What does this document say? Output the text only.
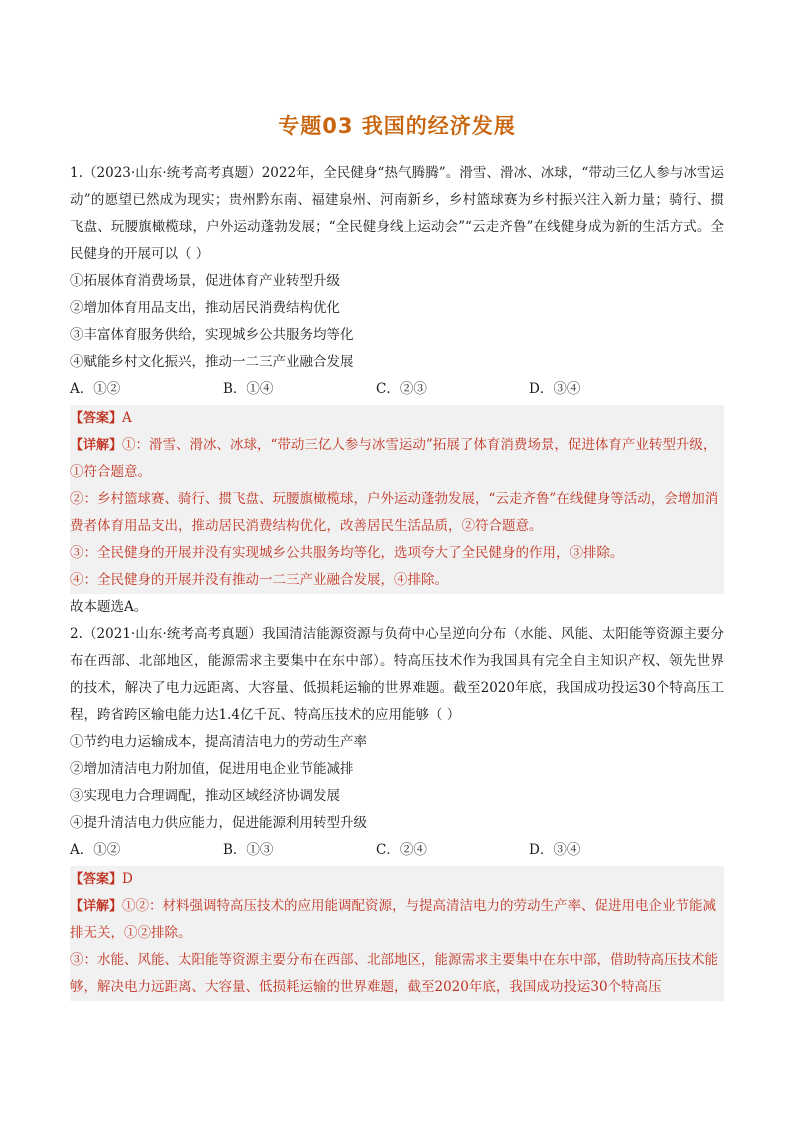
专题03 我国的经济发展

1.（2023·山东·统考高考真题）2022年，全民健身“热气腾腾”。滑雪、滑冰、冰球，“带动三亿人参与冰雪运动”的愿望已然成为现实；贵州黔东南、福建泉州、河南新乡，乡村篮球赛为乡村振兴注入新力量；骑行、掼飞盘、玩腰旗橄榄球，户外运动蓬勃发展；“全民健身线上运动会”“云走齐鲁”在线健身成为新的生活方式。全民健身的开展可以（ ）

①拓展体育消费场景，促进体育产业转型升级

②增加体育用品支出，推动居民消费结构优化

③丰富体育服务供给，实现城乡公共服务均等化

④赋能乡村文化振兴，推动一二三产业融合发展

A．①②	B．①④	C．②③	D．③④

【答案】A

【详解】①：滑雪、滑冰、冰球，“带动三亿人参与冰雪运动”拓展了体育消费场景，促进体育产业转型升级，①符合题意。

②：乡村篮球赛、骑行、掼飞盘、玩腰旗橄榄球，户外运动蓬勃发展，“云走齐鲁”在线健身等活动，会增加消费者体育用品支出，推动居民消费结构优化，改善居民生活品质，②符合题意。

③：全民健身的开展并没有实现城乡公共服务均等化，选项夸大了全民健身的作用，③排除。

④：全民健身的开展并没有推动一二三产业融合发展，④排除。

故本题选A。

2.（2021·山东·统考高考真题）我国清洁能源资源与负荷中心呈逆向分布（水能、风能、太阳能等资源主要分布在西部、北部地区，能源需求主要集中在东中部）。特高压技术作为我国具有完全自主知识产权、领先世界的技术，解决了电力远距离、大容量、低损耗运输的世界难题。截至2020年底，我国成功投运30个特高压工程，跨省跨区输电能力达1.4亿千瓦、特高压技术的应用能够（ ）

①节约电力运输成本，提高清洁电力的劳动生产率

②增加清洁电力附加值，促进用电企业节能减排

③实现电力合理调配，推动区域经济协调发展

④提升清洁电力供应能力，促进能源利用转型升级

A．①②	B．①③	C．②④	D．③④

【答案】D

【详解】①②：材料强调特高压技术的应用能调配资源，与提高清洁电力的劳动生产率、促进用电企业节能减排无关，①②排除。

③：水能、风能、太阳能等资源主要分布在西部、北部地区，能源需求主要集中在东中部，借助特高压技术能够，解决电力远距离、大容量、低损耗运输的世界难题，截至2020年底，我国成功投运30个特高压
